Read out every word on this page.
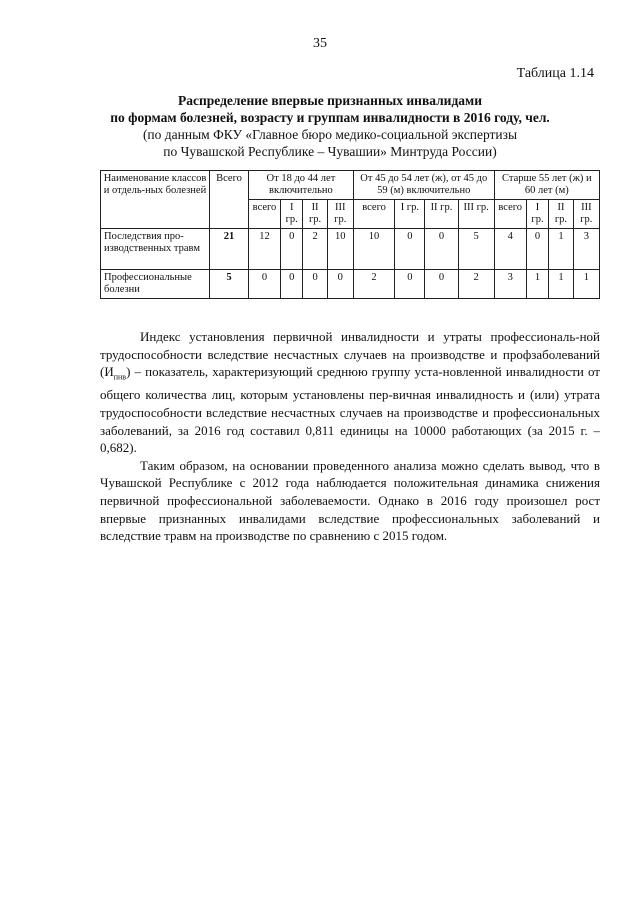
35
Таблица 1.14
Распределение впервые признанных инвалидами
по формам болезней, возрасту и группам инвалидности в 2016 году, чел.
(по данным ФКУ «Главное бюро медико-социальной экспертизы
по Чувашской Республике – Чувашии» Минтруда России)
Наименование классов и отдель-ных болезней	Всего	От 18 до 44 лет включительно				От 45 до 54 лет (ж), от 45 до 59 (м) включительно				Старше 55 лет (ж) и 60 лет (м)			
		всего	I гр.	II гр.	III гр.	всего	I гр.	II гр.	III гр.	всего	I гр.	II гр.	III гр.
Последствия про-изводственных травм	21	12	0	2	10	10	0	0	5	4	0	1	3
Профессиональные болезни	5	0	0	0	0	2	0	0	2	3	1	1	1

Индекс установления первичной инвалидности и утраты профессиональ-ной трудоспособности вследствие несчастных случаев на производстве и профзаболеваний $(И_{пнв})$ – показатель, характеризующий среднюю группу уста-новленной инвалидности от общего количества лиц, которым установлены пер-вичная инвалидность и (или) утрата трудоспособности вследствие несчастных случаев на производстве и профессиональных заболеваний, за 2016 год составил 0,811 единицы на 10000 работающих (за 2015 г. – 0,682).

Таким образом, на основании проведенного анализа можно сделать вывод, что в Чувашской Республике с 2012 года наблюдается положительная динамика снижения первичной профессиональной заболеваемости. Однако в 2016 году произошел рост впервые признанных инвалидами вследствие профессиональных заболеваний и вследствие травм на производстве по сравнению с 2015 годом.
